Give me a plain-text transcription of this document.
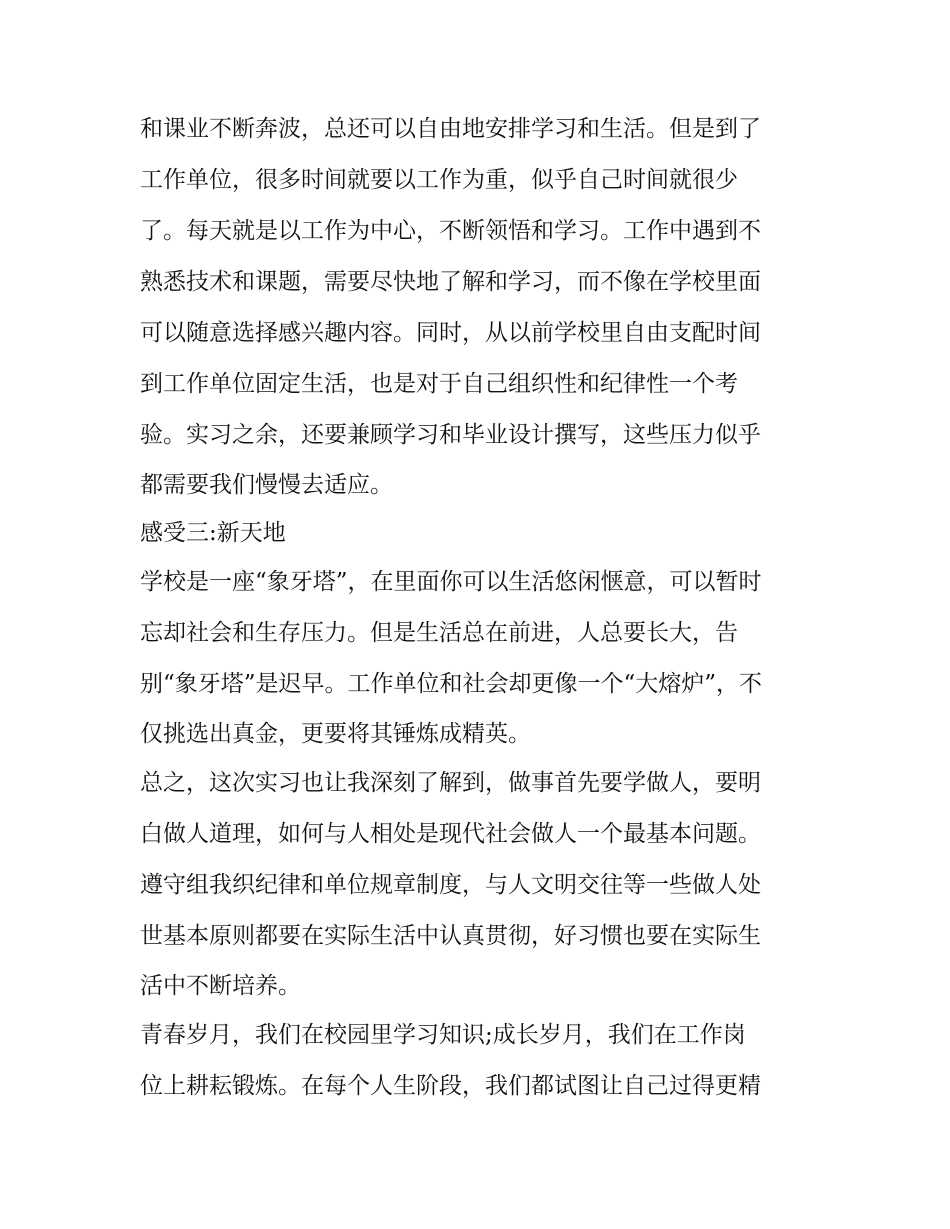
和课业不断奔波，总还可以自由地安排学习和生活。但是到了
工作单位，很多时间就要以工作为重，似乎自己时间就很少
了。每天就是以工作为中心，不断领悟和学习。工作中遇到不
熟悉技术和课题，需要尽快地了解和学习，而不像在学校里面
可以随意选择感兴趣内容。同时，从以前学校里自由支配时间
到工作单位固定生活，也是对于自己组织性和纪律性一个考
验。实习之余，还要兼顾学习和毕业设计撰写，这些压力似乎
都需要我们慢慢去适应。
感受三:新天地
学校是一座“象牙塔”，在里面你可以生活悠闲惬意，可以暂时
忘却社会和生存压力。但是生活总在前进，人总要长大，告
别“象牙塔”是迟早。工作单位和社会却更像一个“大熔炉”，不
仅挑选出真金，更要将其锤炼成精英。
总之，这次实习也让我深刻了解到，做事首先要学做人，要明
白做人道理，如何与人相处是现代社会做人一个最基本问题。
遵守组我织纪律和单位规章制度，与人文明交往等一些做人处
世基本原则都要在实际生活中认真贯彻，好习惯也要在实际生
活中不断培养。
青春岁月，我们在校园里学习知识;成长岁月，我们在工作岗
位上耕耘锻炼。在每个人生阶段，我们都试图让自己过得更精
